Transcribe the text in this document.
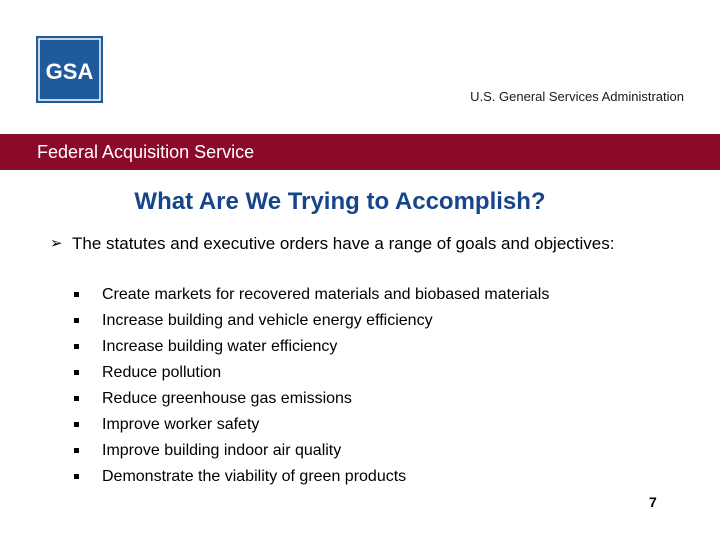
GSA
U.S. General Services Administration
Federal Acquisition Service
What Are We Trying to Accomplish?
➢ The statutes and executive orders have a range of goals and objectives:
Create markets for recovered materials and biobased materials
Increase building and vehicle energy efficiency
Increase building water efficiency
Reduce pollution
Reduce greenhouse gas emissions
Improve worker safety
Improve building indoor air quality
Demonstrate the viability of green products
7
